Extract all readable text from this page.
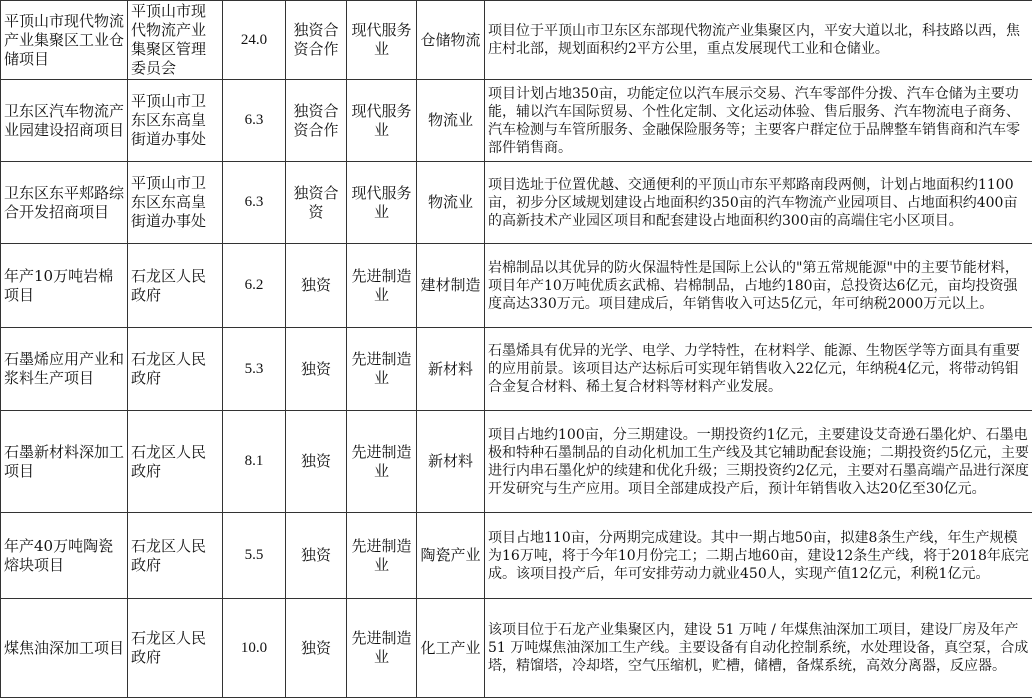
平顶山市现代物流产业集聚区工业仓储项目	平顶山市现代物流产业集聚区管理委员会	24.0	独资合资合作	现代服务业	仓储物流	项目位于平顶山市卫东区东部现代物流产业集聚区内，平安大道以北，科技路以西，焦庄村北部，规划面积约2平方公里，重点发展现代工业和仓储业。
卫东区汽车物流产业园建设招商项目	平顶山市卫东区东高皇街道办事处	6.3	独资合资合作	现代服务业	物流业	项目计划占地350亩，功能定位以汽车展示交易、汽车零部件分拨、汽车仓储为主要功能，辅以汽车国际贸易、个性化定制、文化运动体验、售后服务、汽车物流电子商务、汽车检测与车管所服务、金融保险服务等；主要客户群定位于品牌整车销售商和汽车零部件销售商。
卫东区东平郏路综合开发招商项目	平顶山市卫东区东高皇街道办事处	6.3	独资合资	现代服务业	物流业	项目选址于位置优越、交通便利的平顶山市东平郏路南段两侧，计划占地面积约1100亩，初步分区域规划建设占地面积约350亩的汽车物流产业园项目、占地面积约400亩的高新技术产业园区项目和配套建设占地面积约300亩的高端住宅小区项目。
年产10万吨岩棉项目	石龙区人民政府	6.2	独资	先进制造业	建材制造	岩棉制品以其优异的防火保温特性是国际上公认的"第五常规能源"中的主要节能材料，项目年产10万吨优质玄武棉、岩棉制品，占地约180亩，总投资达6亿元，亩均投资强度高达330万元。项目建成后，年销售收入可达5亿元，年可纳税2000万元以上。
石墨烯应用产业和浆料生产项目	石龙区人民政府	5.3	独资	先进制造业	新材料	石墨烯具有优异的光学、电学、力学特性，在材料学、能源、生物医学等方面具有重要的应用前景。该项目达产达标后可实现年销售收入22亿元，年纳税4亿元，将带动钨钼合金复合材料、稀土复合材料等材料产业发展。
石墨新材料深加工项目	石龙区人民政府	8.1	独资	先进制造业	新材料	项目占地约100亩，分三期建设。一期投资约1亿元，主要建设艾奇逊石墨化炉、石墨电极和特种石墨制品的自动化机加工生产线及其它辅助配套设施；二期投资约5亿元，主要进行内串石墨化炉的续建和优化升级；三期投资约2亿元，主要对石墨高端产品进行深度开发研究与生产应用。项目全部建成投产后，预计年销售收入达20亿至30亿元。
年产40万吨陶瓷熔块项目	石龙区人民政府	5.5	独资	先进制造业	陶瓷产业	项目占地110亩，分两期完成建设。其中一期占地50亩，拟建8条生产线，年生产规模为16万吨，将于今年10月份完工；二期占地60亩，建设12条生产线，将于2018年底完成。该项目投产后，年可安排劳动力就业450人，实现产值12亿元，利税1亿元。
煤焦油深加工项目	石龙区人民政府	10.0	独资	先进制造业	化工产业	该项目位于石龙产业集聚区内，建设 51 万吨 / 年煤焦油深加工项目，建设厂房及年产 51 万吨煤焦油深加工生产线。主要设备有自动化控制系统，水处理设备，真空泵，合成塔，精馏塔，冷却塔，空气压缩机，贮槽，储槽，备煤系统，高效分离器，反应器。
